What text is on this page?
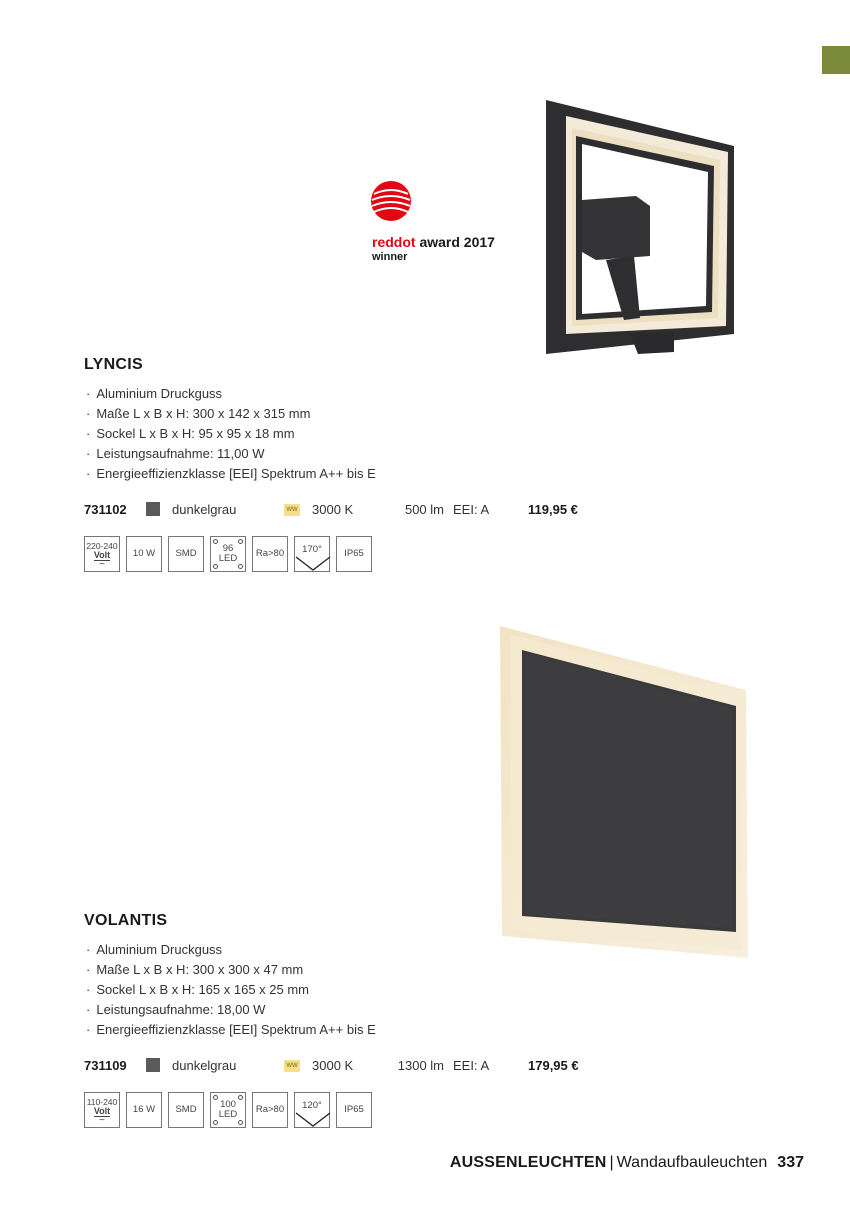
reddot award 2017
winner
LYNCIS
· Aluminium Druckguss
· Maße L x B x H: 300 x 142 x 315 mm
· Sockel L x B x H: 95 x 95 x 18 mm
· Leistungsaufnahme: 11,00 W
· Energieeffizienzklasse [EEI] Spektrum A++ bis E
731102	dunkelgrau	WW 3000 K	500 lm EEI: A	119,95 €
220-240
Volt
~
10 W	SMD	96
LED	Ra>80	170°	IP65
VOLANTIS
· Aluminium Druckguss
· Maße L x B x H: 300 x 300 x 47 mm
· Sockel L x B x H: 165 x 165 x 25 mm
· Leistungsaufnahme: 18,00 W
· Energieeffizienzklasse [EEI] Spektrum A++ bis E
731109	dunkelgrau	WW 3000 K	1300 lm EEI: A	179,95 €
110-240
Volt
~
16 W	SMD	100
LED	Ra>80	120°	IP65
AUSSENLEUCHTEN | Wandaufbauleuchten 337
